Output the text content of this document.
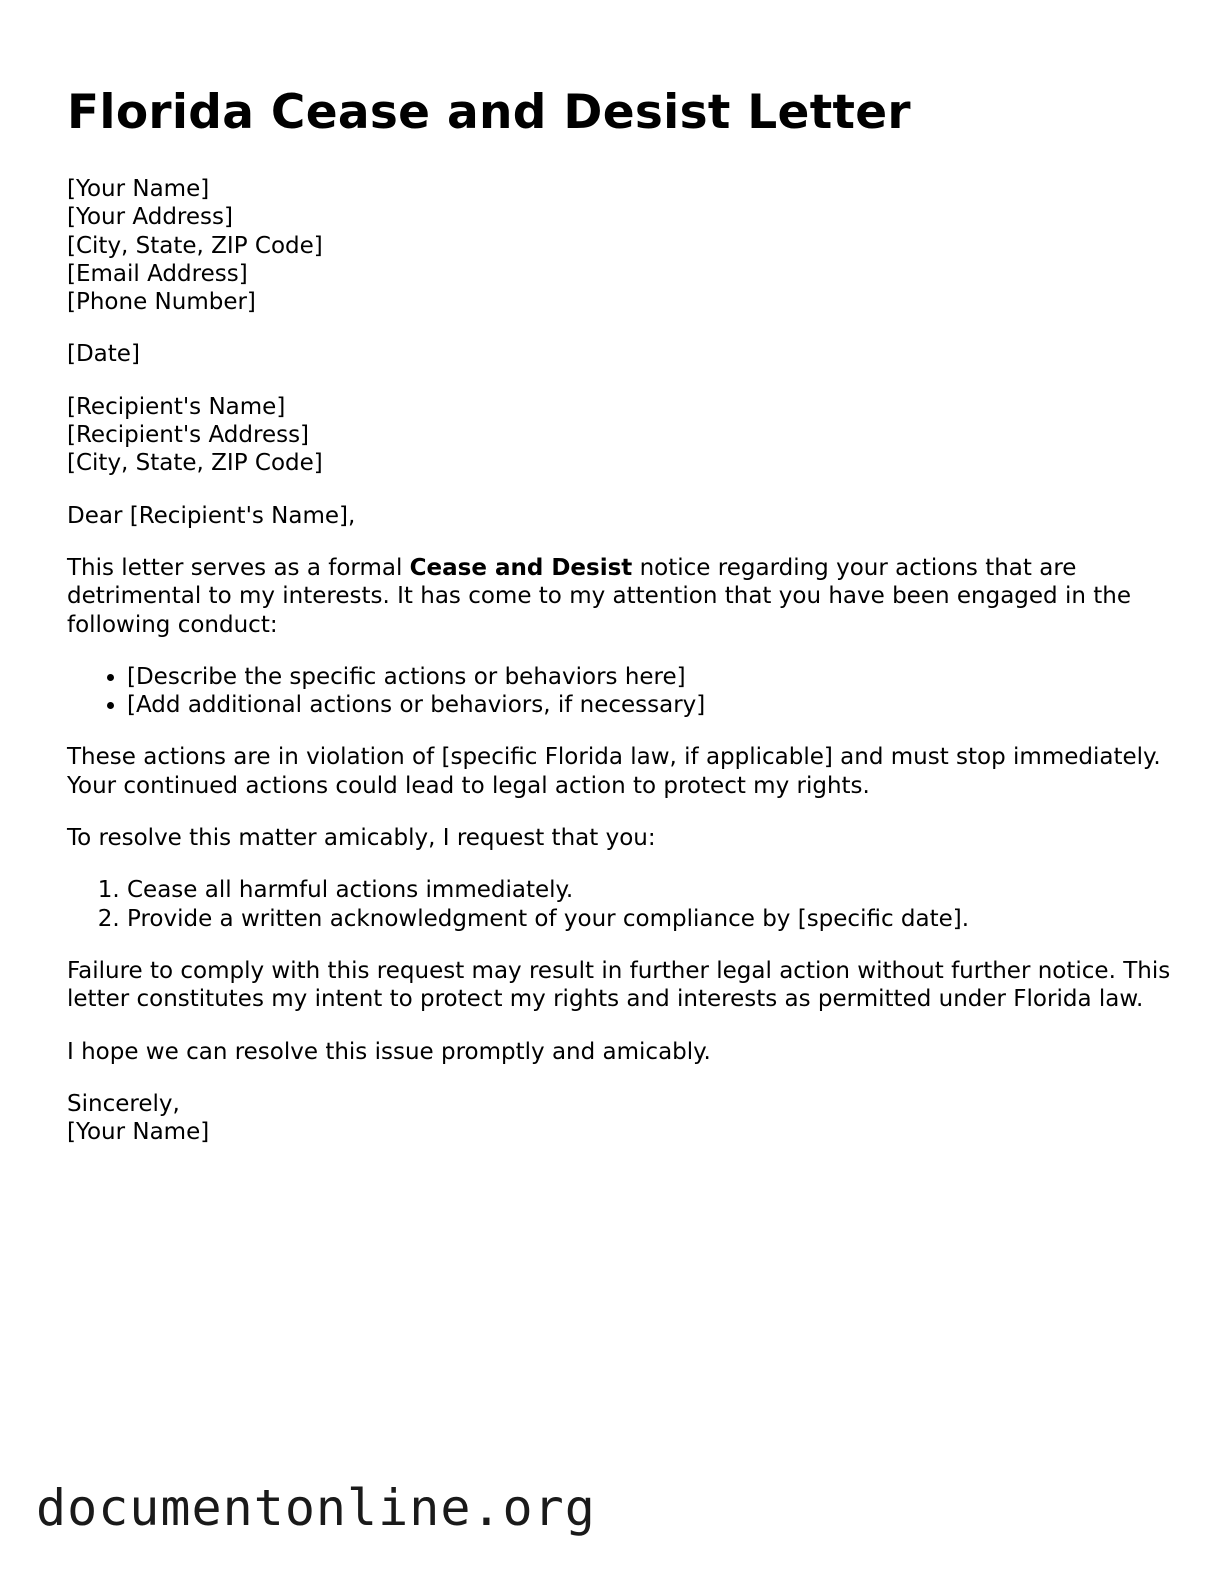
Florida Cease and Desist Letter

[Your Name]
[Your Address]
[City, State, ZIP Code]
[Email Address]
[Phone Number]

[Date]

[Recipient's Name]
[Recipient's Address]
[City, State, ZIP Code]

Dear [Recipient's Name],

This letter serves as a formal Cease and Desist notice regarding your actions that are detrimental to my interests. It has come to my attention that you have been engaged in the following conduct:

• [Describe the specific actions or behaviors here]
• [Add additional actions or behaviors, if necessary]

These actions are in violation of [specific Florida law, if applicable] and must stop immediately. Your continued actions could lead to legal action to protect my rights.

To resolve this matter amicably, I request that you:

1. Cease all harmful actions immediately.
2. Provide a written acknowledgment of your compliance by [specific date].

Failure to comply with this request may result in further legal action without further notice. This letter constitutes my intent to protect my rights and interests as permitted under Florida law.

I hope we can resolve this issue promptly and amicably.

Sincerely,
[Your Name]

documentonline.org
